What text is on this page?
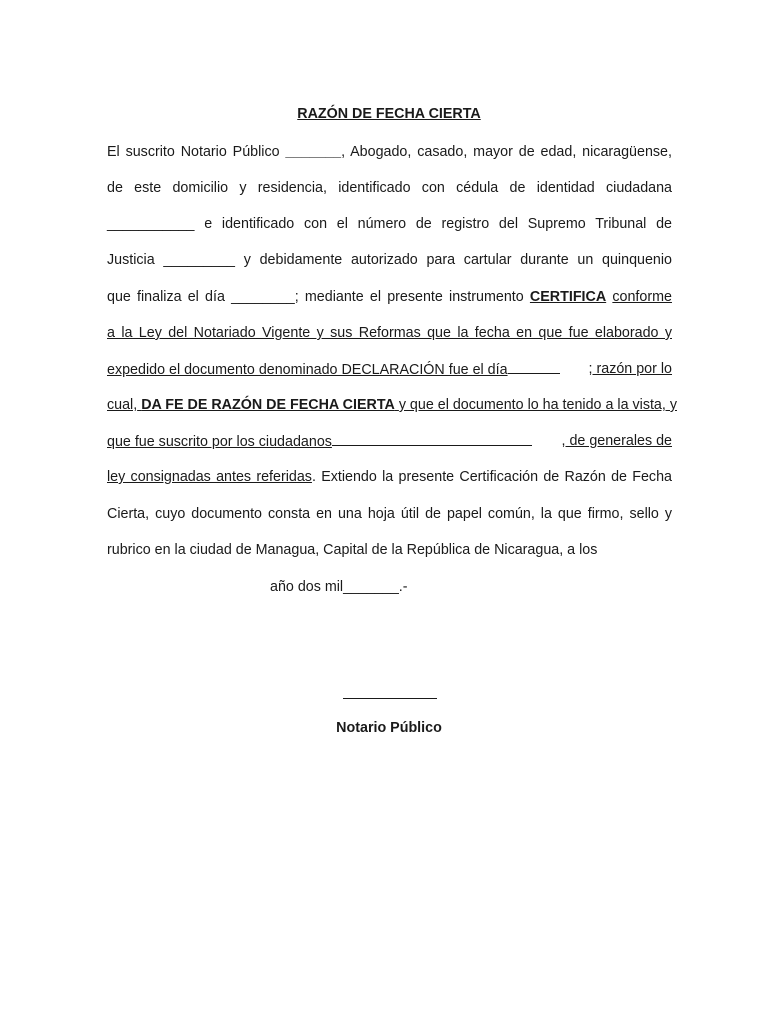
RAZÓN DE FECHA CIERTA
El suscrito Notario Público _______, Abogado, casado, mayor de edad, nicaragüense,
de este domicilio y residencia, identificado con cédula de identidad ciudadana
___________ e identificado con el número de registro del Supremo Tribunal de
Justicia _________ y debidamente autorizado para cartular durante un quinquenio
que finaliza el día ________; mediante el presente instrumento CERTIFICA conforme
a la Ley del Notariado Vigente y sus Reformas que la fecha en que fue elaborado y
expedido el documento denominado DECLARACIÓN fue el día	; razón por lo
cual, DA FE DE RAZÓN DE FECHA CIERTA y que el documento lo ha tenido a la vista, y
que fue suscrito por los ciudadanos	, de generales de
ley consignadas antes referidas. Extiendo la presente Certificación de Razón de Fecha
Cierta, cuyo documento consta en una hoja útil de papel común, la que firmo, sello y
rubrico en la ciudad de Managua, Capital de la República de Nicaragua, a los
año dos mil_______.-
Notario Público
